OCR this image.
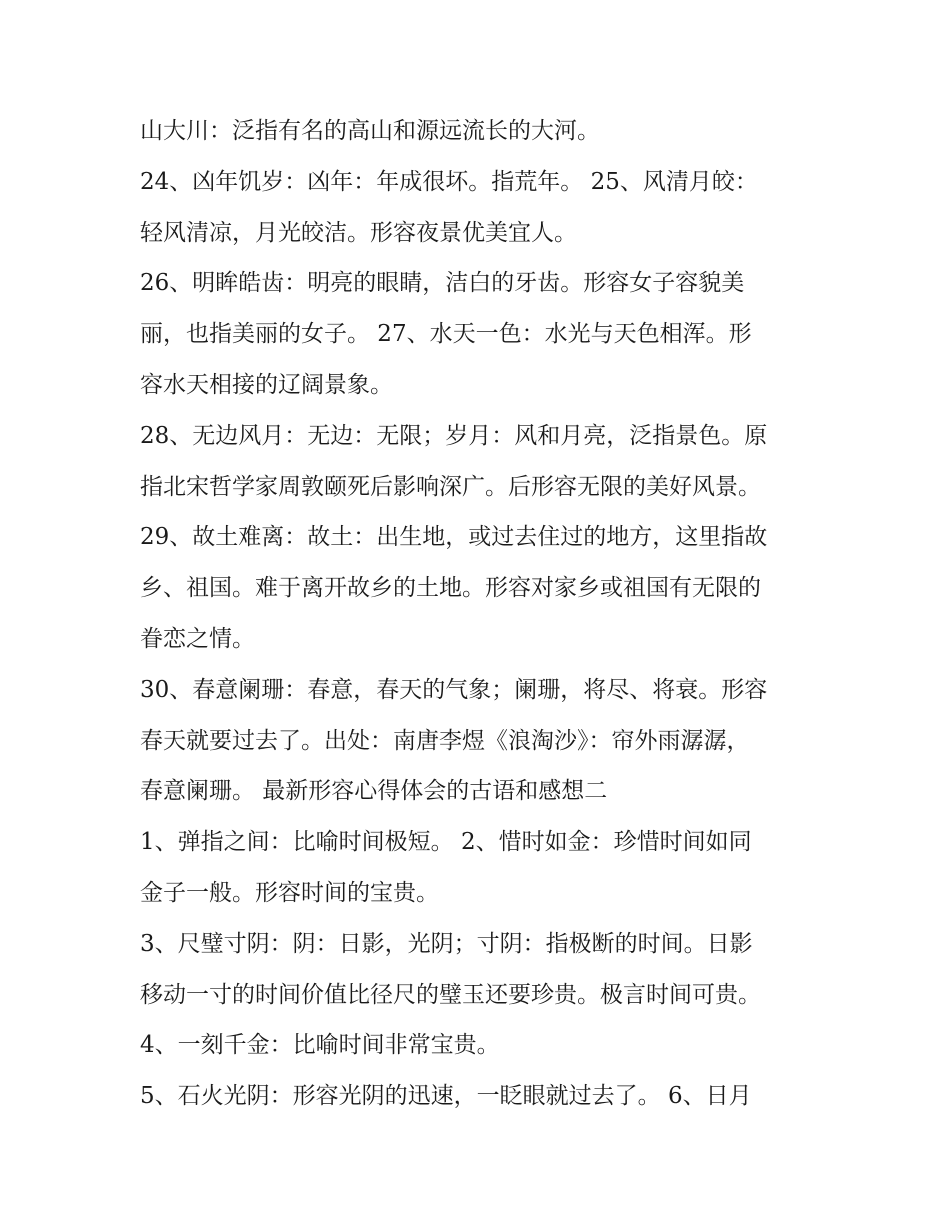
山大川：泛指有名的高山和源远流长的大河。
24、凶年饥岁：凶年：年成很坏。指荒年。 25、风清月皎：
轻风清凉，月光皎洁。形容夜景优美宜人。
26、明眸皓齿：明亮的眼睛，洁白的牙齿。形容女子容貌美
丽，也指美丽的女子。 27、水天一色：水光与天色相浑。形
容水天相接的辽阔景象。
28、无边风月：无边：无限；岁月：风和月亮，泛指景色。原
指北宋哲学家周敦颐死后影响深广。后形容无限的美好风景。
29、故土难离：故土：出生地，或过去住过的地方，这里指故
乡、祖国。难于离开故乡的土地。形容对家乡或祖国有无限的
眷恋之情。
30、春意阑珊：春意，春天的气象；阑珊，将尽、将衰。形容
春天就要过去了。出处：南唐李煜《浪淘沙》：帘外雨潺潺，
春意阑珊。 最新形容心得体会的古语和感想二
1、弹指之间：比喻时间极短。 2、惜时如金：珍惜时间如同
金子一般。形容时间的宝贵。
3、尺璧寸阴：阴：日影，光阴；寸阴：指极断的时间。日影
移动一寸的时间价值比径尺的璧玉还要珍贵。极言时间可贵。
4、一刻千金：比喻时间非常宝贵。
5、石火光阴：形容光阴的迅速，一眨眼就过去了。 6、日月
